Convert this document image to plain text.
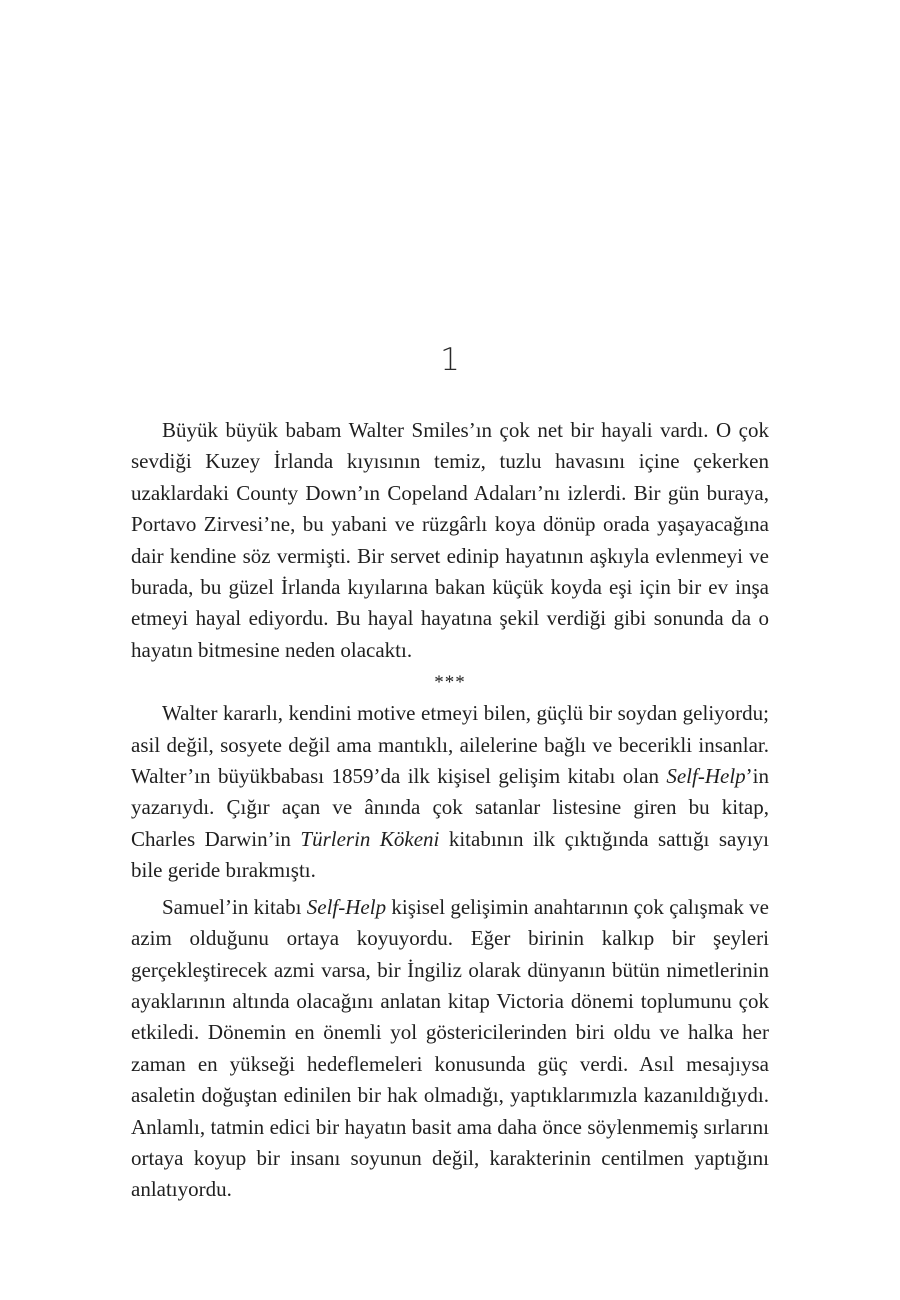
1

Büyük büyük babam Walter Smiles’ın çok net bir hayali vardı. O çok sevdiği Kuzey İrlanda kıyısının temiz, tuzlu havasını içine çekerken uzaklardaki County Down’ın Copeland Adaları’nı izlerdi. Bir gün buraya, Portavo Zirvesi’ne, bu yabani ve rüzgârlı koya dönüp orada yaşayacağına dair kendine söz vermişti. Bir servet edinip hayatının aşkıyla evlenmeyi ve burada, bu güzel İrlanda kıyılarına bakan küçük koyda eşi için bir ev inşa etmeyi hayal ediyordu. Bu hayal hayatına şekil verdiği gibi sonunda da o hayatın bitmesine neden olacaktı.

***

Walter kararlı, kendini motive etmeyi bilen, güçlü bir soydan geliyordu; asil değil, sosyete değil ama mantıklı, ailelerine bağlı ve becerikli insanlar. Walter’ın büyükbabası 1859’da ilk kişisel gelişim kitabı olan Self-Help’in yazarıydı. Çığır açan ve ânında çok satanlar listesine giren bu kitap, Charles Darwin’in Türlerin Kökeni kitabının ilk çıktığında sattığı sayıyı bile geride bırakmıştı.

Samuel’in kitabı Self-Help kişisel gelişimin anahtarının çok çalışmak ve azim olduğunu ortaya koyuyordu. Eğer birinin kalkıp bir şeyleri gerçekleştirecek azmi varsa, bir İngiliz olarak dünyanın bütün nimetlerinin ayaklarının altında olacağını anlatan kitap Victoria dönemi toplumunu çok etkiledi. Dönemin en önemli yol göstericilerinden biri oldu ve halka her zaman en yükseği hedeflemeleri konusunda güç verdi. Asıl mesajıysa asaletin doğuştan edinilen bir hak olmadığı, yaptıklarımızla kazanıldığıydı. Anlamlı, tatmin edici bir hayatın basit ama daha önce söylenmemiş sırlarını ortaya koyup bir insanı soyunun değil, karakterinin centilmen yaptığını anlatıyordu.
